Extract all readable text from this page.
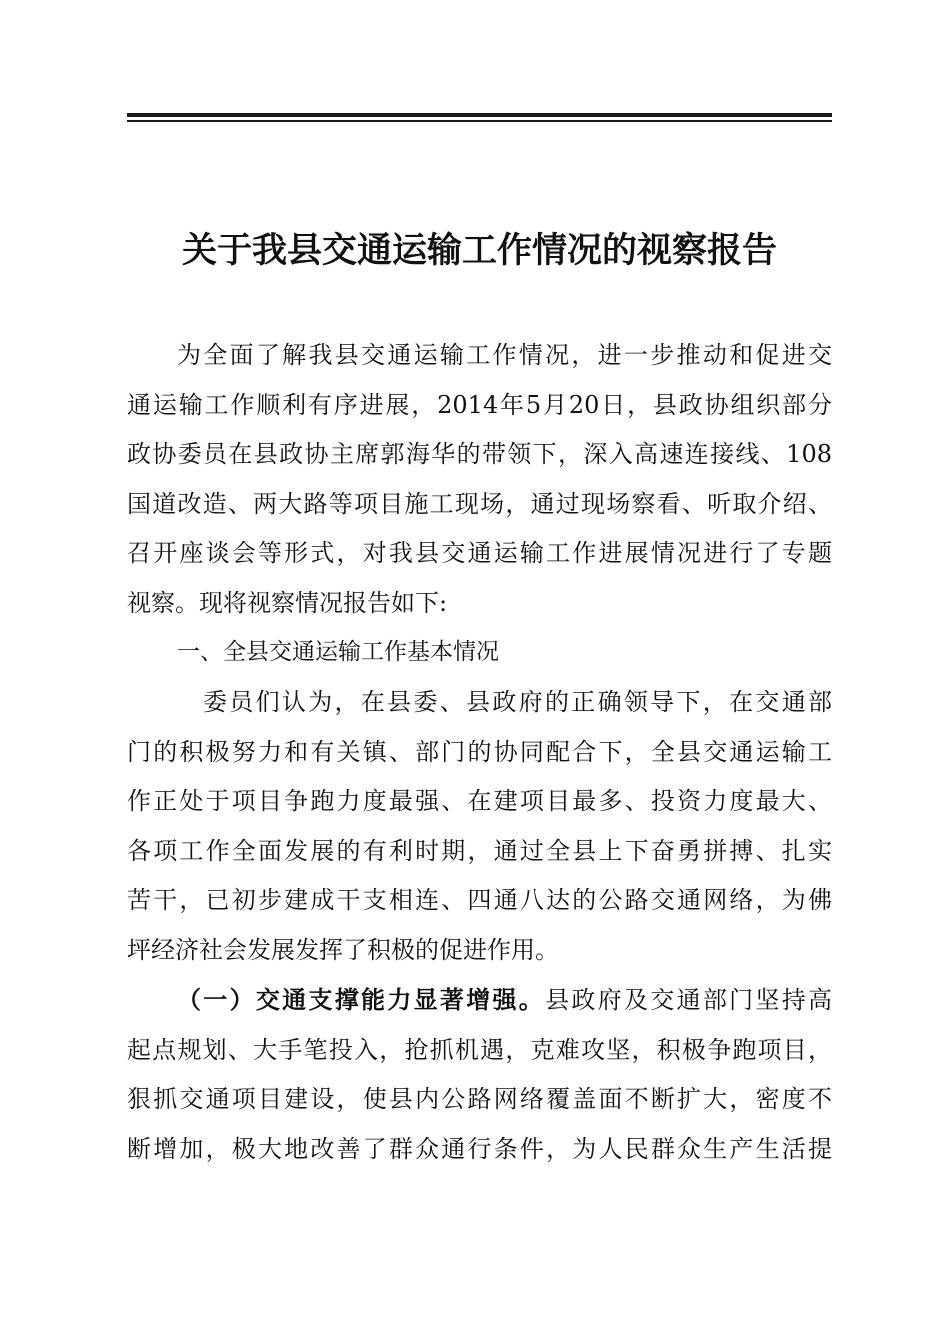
关于我县交通运输工作情况的视察报告
为全面了解我县交通运输工作情况，进一步推动和促进交
通运输工作顺利有序进展，2014年5月20日，县政协组织部分
政协委员在县政协主席郭海华的带领下，深入高速连接线、108
国道改造、两大路等项目施工现场，通过现场察看、听取介绍、
召开座谈会等形式，对我县交通运输工作进展情况进行了专题
视察。现将视察情况报告如下:
一、全县交通运输工作基本情况
委员们认为，在县委、县政府的正确领导下，在交通部
门的积极努力和有关镇、部门的协同配合下，全县交通运输工
作正处于项目争跑力度最强、在建项目最多、投资力度最大、
各项工作全面发展的有利时期，通过全县上下奋勇拼搏、扎实
苦干，已初步建成干支相连、四通八达的公路交通网络，为佛
坪经济社会发展发挥了积极的促进作用。
（一）交通支撑能力显著增强。县政府及交通部门坚持高
起点规划、大手笔投入，抢抓机遇，克难攻坚，积极争跑项目，
狠抓交通项目建设，使县内公路网络覆盖面不断扩大，密度不
断增加，极大地改善了群众通行条件，为人民群众生产生活提
